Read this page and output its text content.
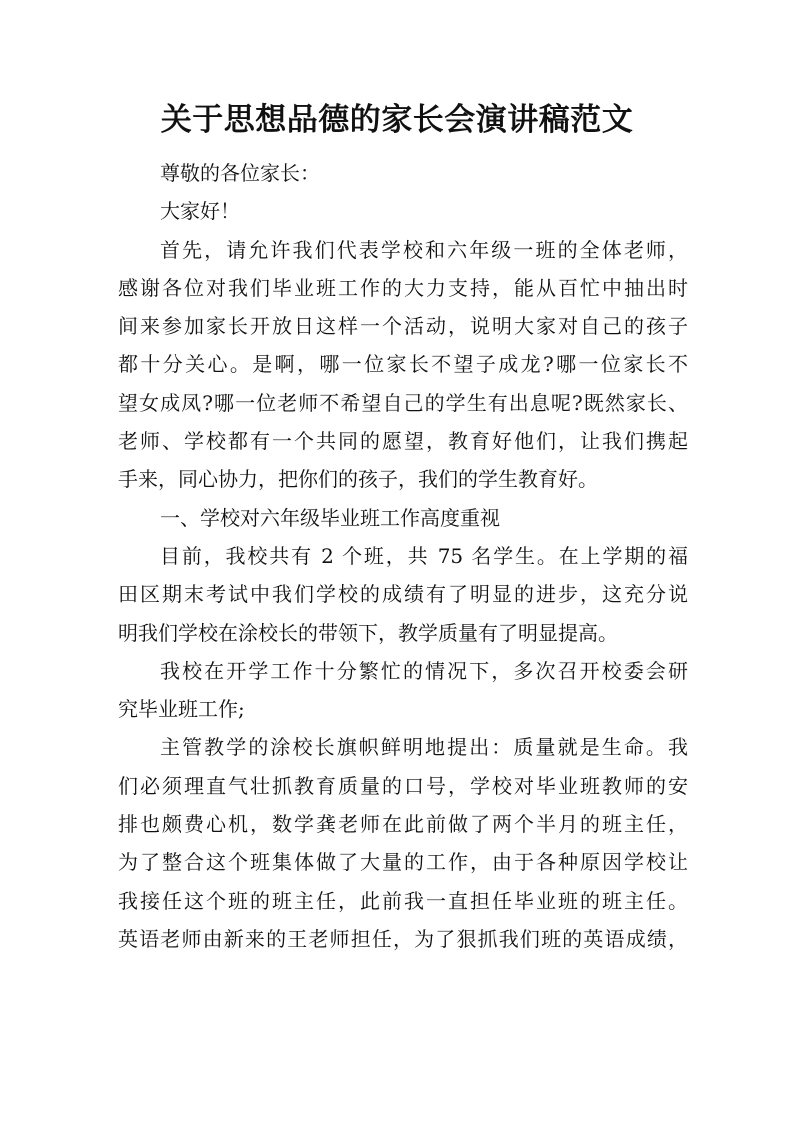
关于思想品德的家长会演讲稿范文

尊敬的各位家长：

大家好！

首先，请允许我们代表学校和六年级一班的全体老师，
感谢各位对我们毕业班工作的大力支持，能从百忙中抽出时
间来参加家长开放日这样一个活动，说明大家对自己的孩子
都十分关心。是啊，哪一位家长不望子成龙?哪一位家长不
望女成凤?哪一位老师不希望自己的学生有出息呢?既然家长、
老师、学校都有一个共同的愿望，教育好他们，让我们携起
手来，同心协力，把你们的孩子，我们的学生教育好。

一、学校对六年级毕业班工作高度重视

目前，我校共有 2 个班，共 75 名学生。在上学期的福
田区期末考试中我们学校的成绩有了明显的进步，这充分说
明我们学校在涂校长的带领下，教学质量有了明显提高。

我校在开学工作十分繁忙的情况下，多次召开校委会研
究毕业班工作;

主管教学的涂校长旗帜鲜明地提出：质量就是生命。我
们必须理直气壮抓教育质量的口号，学校对毕业班教师的安
排也颇费心机，数学龚老师在此前做了两个半月的班主任，
为了整合这个班集体做了大量的工作，由于各种原因学校让
我接任这个班的班主任，此前我一直担任毕业班的班主任。
英语老师由新来的王老师担任，为了狠抓我们班的英语成绩，
